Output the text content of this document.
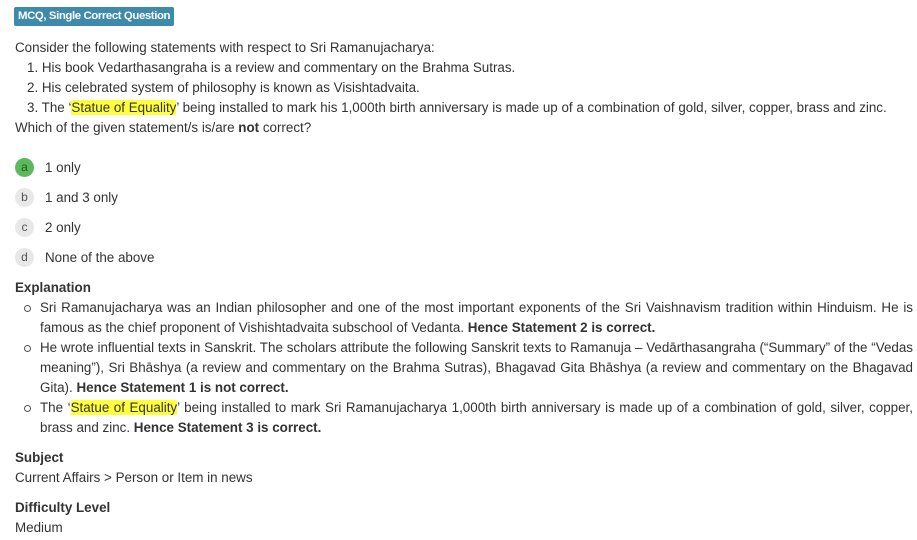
MCQ, Single Correct Question
Consider the following statements with respect to Sri Ramanujacharya:
1. His book Vedarthasangraha is a review and commentary on the Brahma Sutras.
2. His celebrated system of philosophy is known as Visishtadvaita.
3. The ‘Statue of Equality’ being installed to mark his 1,000th birth anniversary is made up of a combination of gold, silver, copper, brass and zinc.
Which of the given statement/s is/are not correct?
a	1 only
b	1 and 3 only
c	2 only
d	None of the above
Explanation
Sri Ramanujacharya was an Indian philosopher and one of the most important exponents of the Sri Vaishnavism tradition within Hinduism. He is famous as the chief proponent of Vishishtadvaita subschool of Vedanta. Hence Statement 2 is correct.
He wrote influential texts in Sanskrit. The scholars attribute the following Sanskrit texts to Ramanuja – Vedārthasangraha (“Summary” of the “Vedas meaning”), Sri Bhāshya (a review and commentary on the Brahma Sutras), Bhagavad Gita Bhāshya (a review and commentary on the Bhagavad Gita). Hence Statement 1 is not correct.
The ‘Statue of Equality’ being installed to mark Sri Ramanujacharya 1,000th birth anniversary is made up of a combination of gold, silver, copper, brass and zinc. Hence Statement 3 is correct.
Subject
Current Affairs > Person or Item in news
Difficulty Level
Medium
